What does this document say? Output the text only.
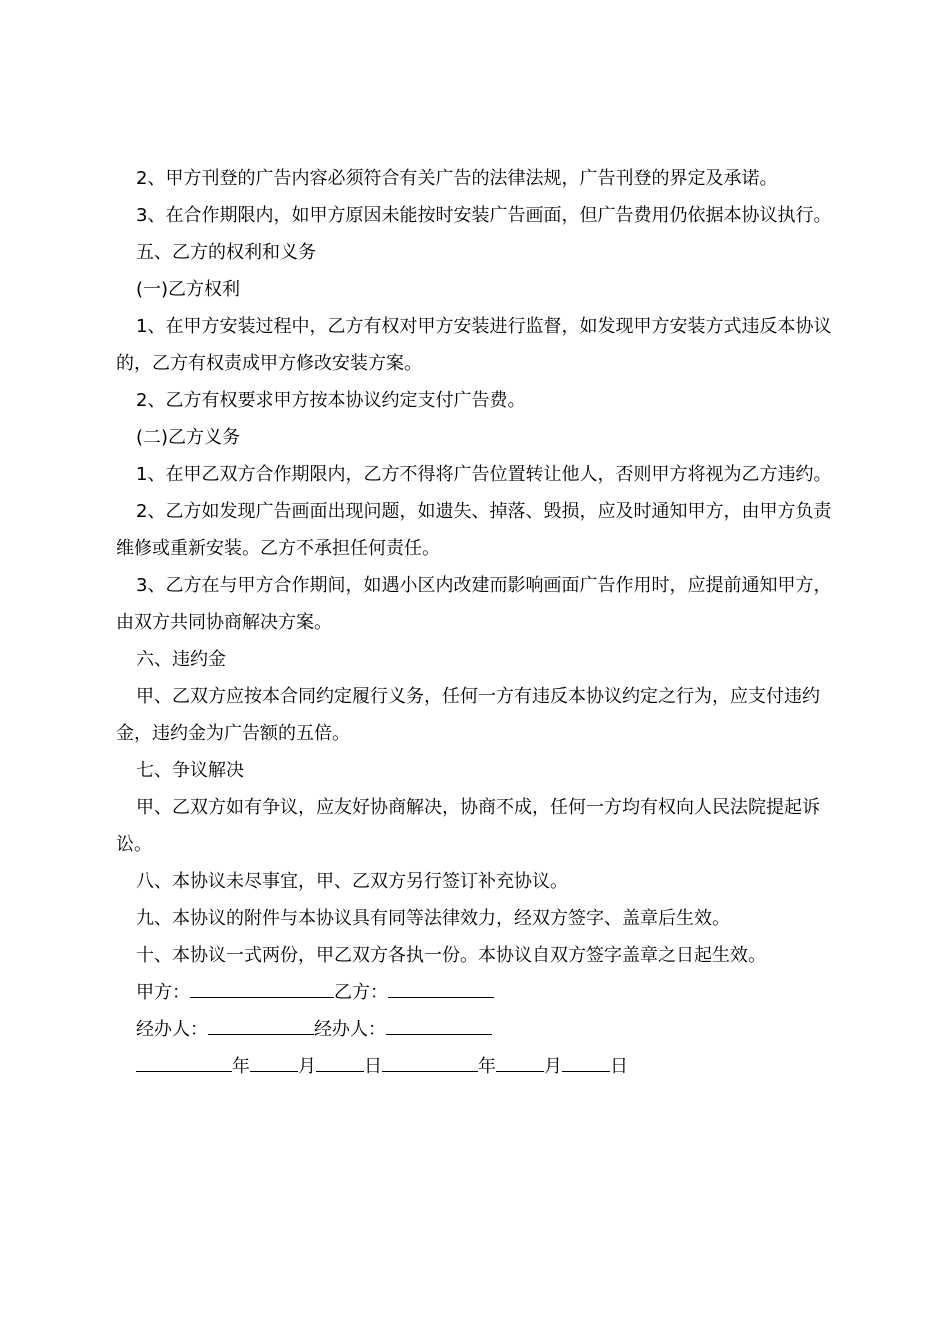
2、甲方刊登的广告内容必须符合有关广告的法律法规，广告刊登的界定及承诺。

3、在合作期限内，如甲方原因未能按时安装广告画面，但广告费用仍依据本协议执行。

五、乙方的权利和义务

(一)乙方权利

1、在甲方安装过程中，乙方有权对甲方安装进行监督，如发现甲方安装方式违反本协议的，乙方有权责成甲方修改安装方案。

2、乙方有权要求甲方按本协议约定支付广告费。

(二)乙方义务

1、在甲乙双方合作期限内，乙方不得将广告位置转让他人，否则甲方将视为乙方违约。

2、乙方如发现广告画面出现问题，如遗失、掉落、毁损，应及时通知甲方，由甲方负责维修或重新安装。乙方不承担任何责任。

3、乙方在与甲方合作期间，如遇小区内改建而影响画面广告作用时，应提前通知甲方，由双方共同协商解决方案。

六、违约金

甲、乙双方应按本合同约定履行义务，任何一方有违反本协议约定之行为，应支付违约金，违约金为广告额的五倍。

七、争议解决

甲、乙双方如有争议，应友好协商解决，协商不成，任何一方均有权向人民法院提起诉讼。

八、本协议未尽事宜，甲、乙双方另行签订补充协议。

九、本协议的附件与本协议具有同等法律效力，经双方签字、盖章后生效。

十、本协议一式两份，甲乙双方各执一份。本协议自双方签字盖章之日起生效。

甲方：	乙方：

经办人：	经办人：

年	月	日	年	月	日
